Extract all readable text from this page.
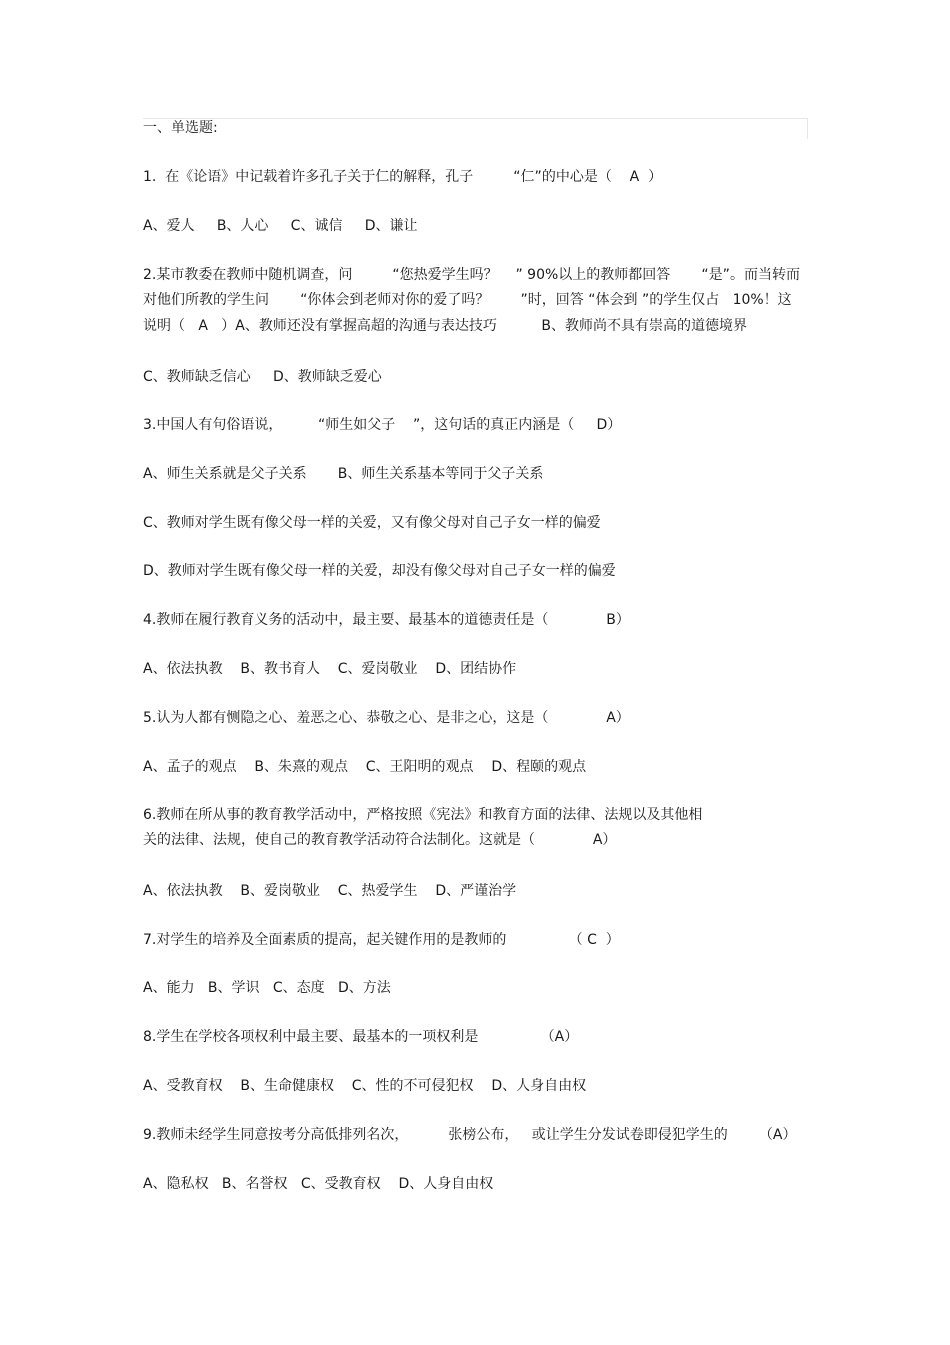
一、单选题:
1.  在《论语》中记载着许多孔子关于仁的解释，孔子         “仁”的中心是（    A  ）
A、爱人     B、人心     C、诚信     D、谦让
2.某市教委在教师中随机调查，问         “您热爱学生吗？    ” 90%以上的教师都回答       “是”。而当转而
对他们所教的学生问       “你体会到老师对你的爱了吗？       ”时，回答 “体会到 ”的学生仅占   10%！这
说明（   A   ）A、教师还没有掌握高超的沟通与表达技巧          B、教师尚不具有崇高的道德境界
C、教师缺乏信心     D、教师缺乏爱心
3.中国人有句俗语说，        “师生如父子    ”，这句话的真正内涵是（     D）
A、师生关系就是父子关系       B、师生关系基本等同于父子关系
C、教师对学生既有像父母一样的关爱，又有像父母对自己子女一样的偏爱
D、教师对学生既有像父母一样的关爱，却没有像父母对自己子女一样的偏爱
4.教师在履行教育义务的活动中，最主要、最基本的道德责任是（             B）
A、依法执教    B、教书育人    C、爱岗敬业    D、团结协作
5.认为人都有恻隐之心、羞恶之心、恭敬之心、是非之心，这是（             A）
A、孟子的观点    B、朱熹的观点    C、王阳明的观点    D、程颐的观点
6.教师在所从事的教育教学活动中，严格按照《宪法》和教育方面的法律、法规以及其他相
关的法律、法规，使自己的教育教学活动符合法制化。这就是（             A）
A、依法执教    B、爱岗敬业    C、热爱学生    D、严谨治学
7.对学生的培养及全面素质的提高，起关键作用的是教师的              （ C  ）
A、能力   B、学识   C、态度   D、方法
8.学生在学校各项权利中最主要、最基本的一项权利是              （A）
A、受教育权    B、生命健康权    C、性的不可侵犯权    D、人身自由权
9.教师未经学生同意按考分高低排列名次，         张榜公布，   或让学生分发试卷即侵犯学生的       （A）
A、隐私权   B、名誉权   C、受教育权    D、人身自由权
